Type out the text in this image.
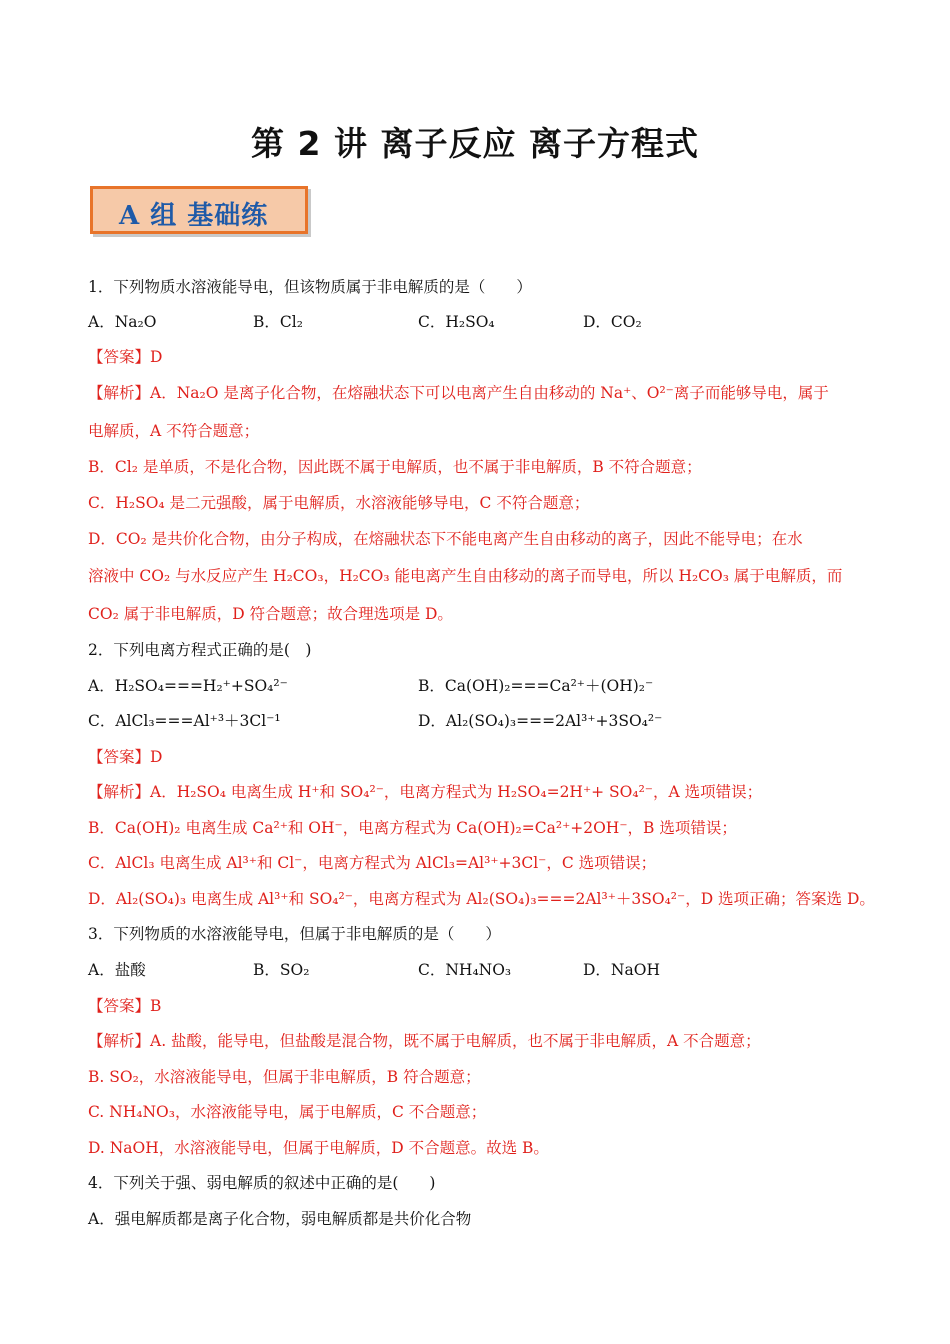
第 2 讲 离子反应 离子方程式
A 组 基础练
1．下列物质水溶液能导电，但该物质属于非电解质的是（　　）
A．Na₂O	B．Cl₂	C．H₂SO₄	D．CO₂
【答案】D
【解析】A．Na₂O 是离子化合物，在熔融状态下可以电离产生自由移动的 Na⁺、O²⁻离子而能够导电，属于
电解质，A 不符合题意；
B．Cl₂ 是单质，不是化合物，因此既不属于电解质，也不属于非电解质，B 不符合题意；
C．H₂SO₄ 是二元强酸，属于电解质，水溶液能够导电，C 不符合题意；
D．CO₂ 是共价化合物，由分子构成，在熔融状态下不能电离产生自由移动的离子，因此不能导电；在水
溶液中 CO₂ 与水反应产生 H₂CO₃，H₂CO₃ 能电离产生自由移动的离子而导电，所以 H₂CO₃ 属于电解质，而
CO₂ 属于非电解质，D 符合题意；故合理选项是 D。
2．下列电离方程式正确的是(　)
A．H₂SO₄===H₂⁺+SO₄²⁻	B．Ca(OH)₂===Ca²⁺＋(OH)₂⁻
C．AlCl₃===Al⁺³＋3Cl⁻¹	D．Al₂(SO₄)₃===2Al³⁺+3SO₄²⁻
【答案】D
【解析】A．H₂SO₄ 电离生成 H⁺和 SO₄²⁻，电离方程式为 H₂SO₄=2H⁺+ SO₄²⁻，A 选项错误；
B．Ca(OH)₂ 电离生成 Ca²⁺和 OH⁻，电离方程式为 Ca(OH)₂=Ca²⁺+2OH⁻，B 选项错误；
C．AlCl₃ 电离生成 Al³⁺和 Cl⁻，电离方程式为 AlCl₃=Al³⁺+3Cl⁻，C 选项错误；
D．Al₂(SO₄)₃ 电离生成 Al³⁺和 SO₄²⁻，电离方程式为 Al₂(SO₄)₃===2Al³⁺＋3SO₄²⁻，D 选项正确；答案选 D。
3．下列物质的水溶液能导电，但属于非电解质的是（　　）
A．盐酸	B．SO₂	C．NH₄NO₃	D．NaOH
【答案】B
【解析】A. 盐酸，能导电，但盐酸是混合物，既不属于电解质，也不属于非电解质，A 不合题意；
B. SO₂，水溶液能导电，但属于非电解质，B 符合题意；
C. NH₄NO₃，水溶液能导电，属于电解质，C 不合题意；
D. NaOH，水溶液能导电，但属于电解质，D 不合题意。故选 B。
4．下列关于强、弱电解质的叙述中正确的是(　　)
A．强电解质都是离子化合物，弱电解质都是共价化合物
